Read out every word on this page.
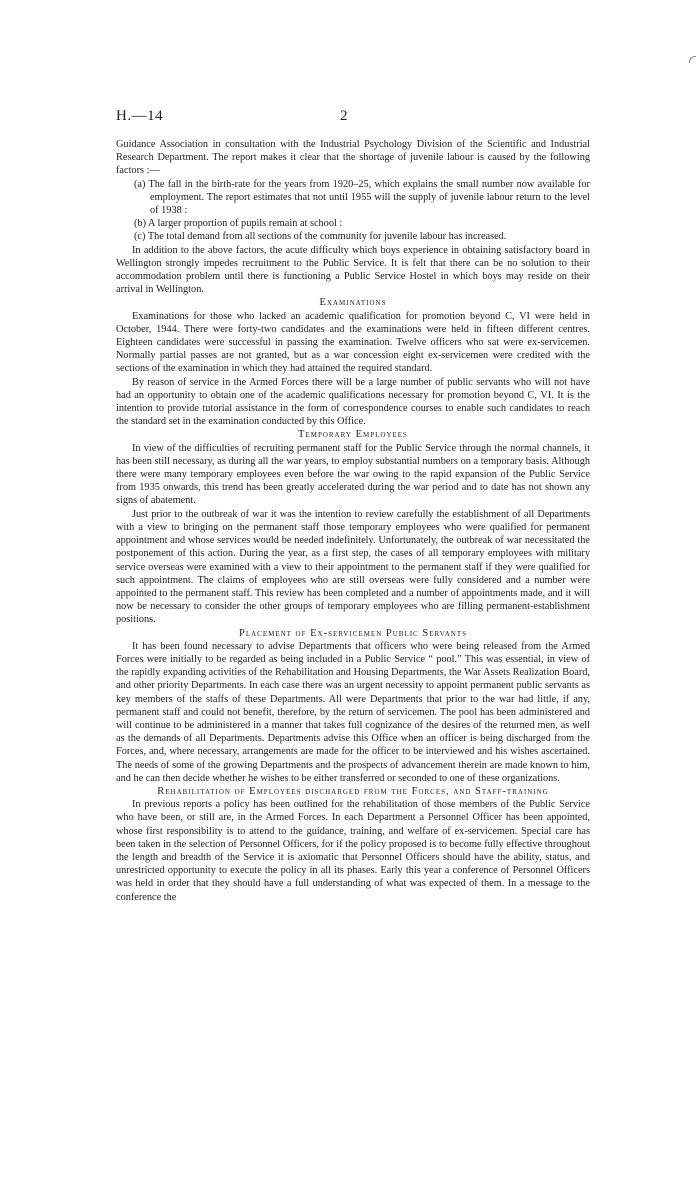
H.—14	2

Guidance Association in consultation with the Industrial Psychology Division of the Scientific and Industrial Research Department. The report makes it clear that the shortage of juvenile labour is caused by the following factors :—

(a) The fall in the birth-rate for the years from 1920–25, which explains the small number now available for employment. The report estimates that not until 1955 will the supply of juvenile labour return to the level of 1938 :
(b) A larger proportion of pupils remain at school :
(c) The total demand from all sections of the community for juvenile labour has increased.

In addition to the above factors, the acute difficulty which boys experience in obtaining satisfactory board in Wellington strongly impedes recruitment to the Public Service. It is felt that there can be no solution to their accommodation problem until there is functioning a Public Service Hostel in which boys may reside on their arrival in Wellington.

Examinations

Examinations for those who lacked an academic qualification for promotion beyond C, VI were held in October, 1944. There were forty-two candidates and the examinations were held in fifteen different centres. Eighteen candidates were successful in passing the examination. Twelve officers who sat were ex-servicemen. Normally partial passes are not granted, but as a war concession eight ex-servicemen were credited with the sections of the examination in which they had attained the required standard.

By reason of service in the Armed Forces there will be a large number of public servants who will not have had an opportunity to obtain one of the academic qualifications necessary for promotion beyond C, VI. It is the intention to provide tutorial assistance in the form of correspondence courses to enable such candidates to reach the standard set in the examination conducted by this Office.

Temporary Employees

In view of the difficulties of recruiting permanent staff for the Public Service through the normal channels, it has been still necessary, as during all the war years, to employ substantial numbers on a temporary basis. Although there were many temporary employees even before the war owing to the rapid expansion of the Public Service from 1935 onwards, this trend has been greatly accelerated during the war period and to date has not shown any signs of abatement.

Just prior to the outbreak of war it was the intention to review carefully the establishment of all Departments with a view to bringing on the permanent staff those temporary employees who were qualified for permanent appointment and whose services would be needed indefinitely. Unfortunately, the outbreak of war necessitated the postponement of this action. During the year, as a first step, the cases of all temporary employees with military service overseas were examined with a view to their appointment to the permanent staff if they were qualified for such appointment. The claims of employees who are still overseas were fully considered and a number were appointed to the permanent staff. This review has been completed and a number of appointments made, and it will now be necessary to consider the other groups of temporary employees who are filling permanent-establishment positions.

Placement of Ex-servicemen Public Servants

It has been found necessary to advise Departments that officers who were being released from the Armed Forces were initially to be regarded as being included in a Public Service “ pool.” This was essential, in view of the rapidly expanding activities of the Rehabilitation and Housing Departments, the War Assets Realization Board, and other priority Departments. In each case there was an urgent necessity to appoint permanent public servants as key members of the staffs of these Departments. All were Departments that prior to the war had little, if any, permanent staff and could not benefit, therefore, by the return of servicemen. The pool has been administered and will continue to be administered in a manner that takes full cognizance of the desires of the returned men, as well as the demands of all Departments. Departments advise this Office when an officer is being discharged from the Forces, and, where necessary, arrangements are made for the officer to be interviewed and his wishes ascertained. The needs of some of the growing Departments and the prospects of advancement therein are made known to him, and he can then decide whether he wishes to be either transferred or seconded to one of these organizations.

Rehabilitation of Employees discharged from the Forces, and Staff-training

In previous reports a policy has been outlined for the rehabilitation of those members of the Public Service who have been, or still are, in the Armed Forces. In each Department a Personnel Officer has been appointed, whose first responsibility is to attend to the guidance, training, and welfare of ex-servicemen. Special care has been taken in the selection of Personnel Officers, for if the policy proposed is to become fully effective throughout the length and breadth of the Service it is axiomatic that Personnel Officers should have the ability, status, and unrestricted opportunity to execute the policy in all its phases. Early this year a conference of Personnel Officers was held in order that they should have a full understanding of what was expected of them. In a message to the conference the
